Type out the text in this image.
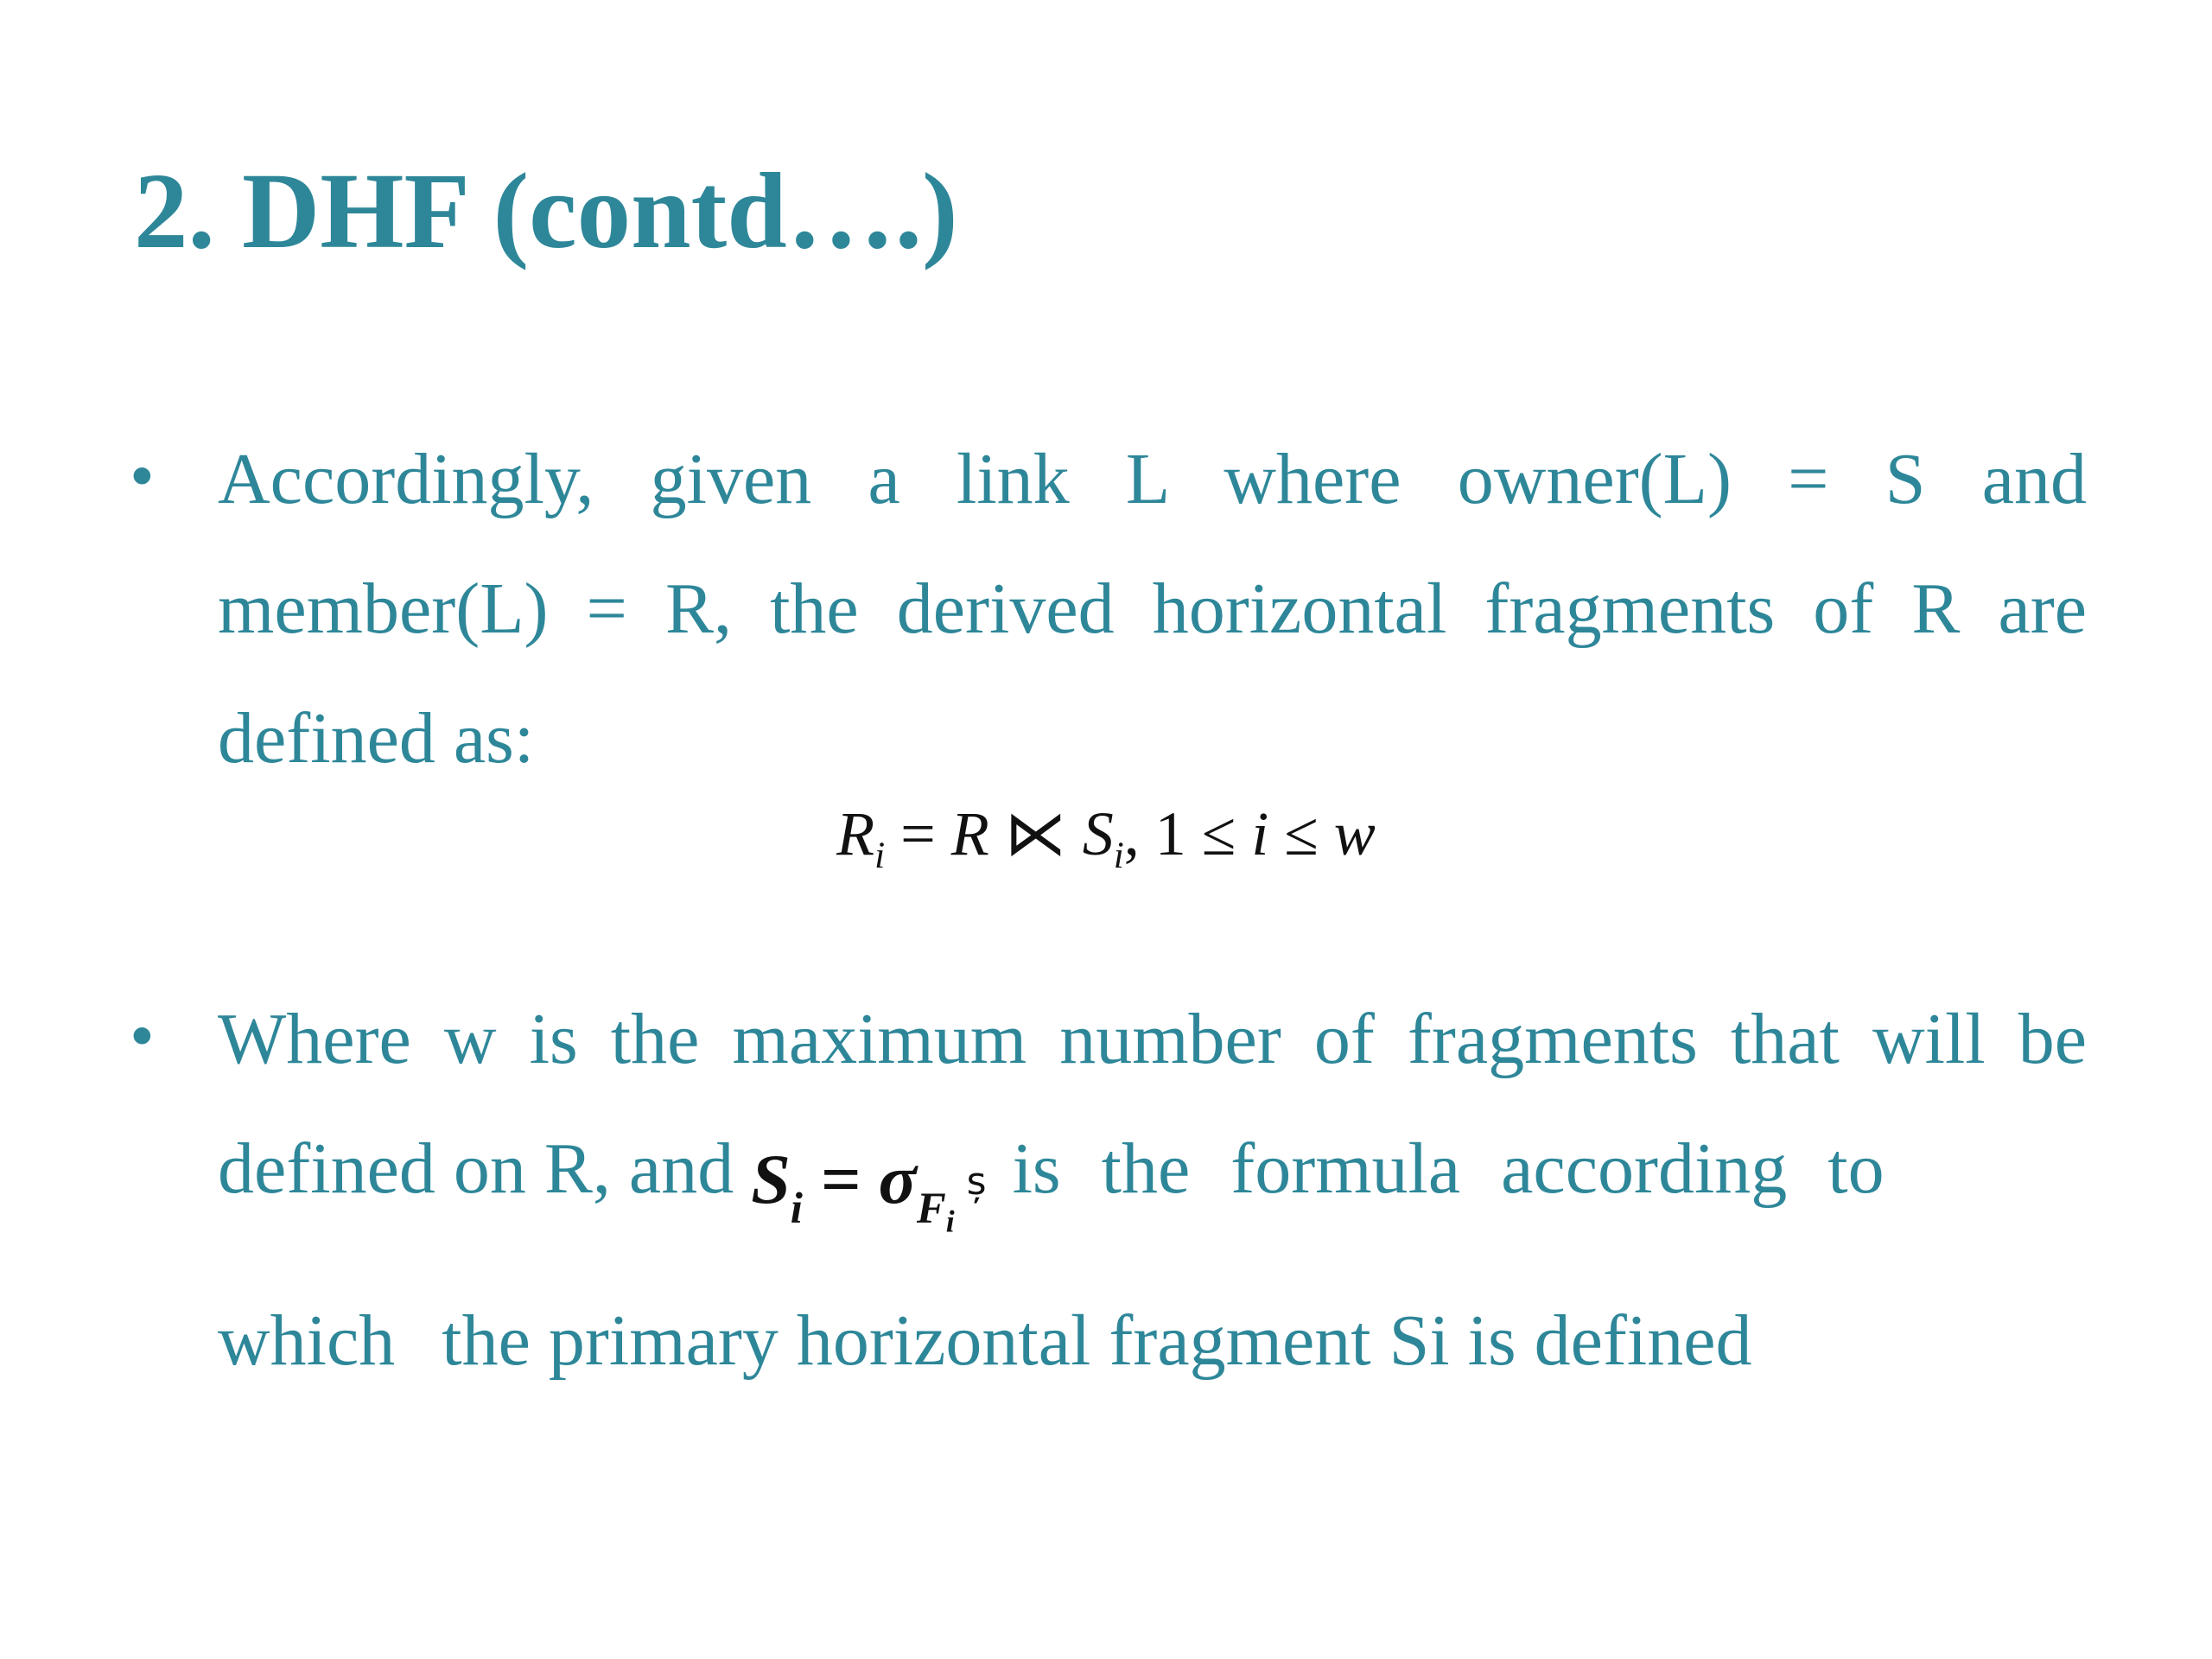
2. DHF (contd….)
• Accordingly, given a link L where owner(L) = S and
member(L) = R, the derived horizontal fragments of R are
defined as:
$R_i = R$ ⋉ $S_i$, 1 ≤ i ≤ w
• Where w is the maximum number of fragments that will be
defined on R, and $S_i$ = $\sigma_{F_i}ș$ is the formula according to
which the primary horizontal fragment Si is defined
